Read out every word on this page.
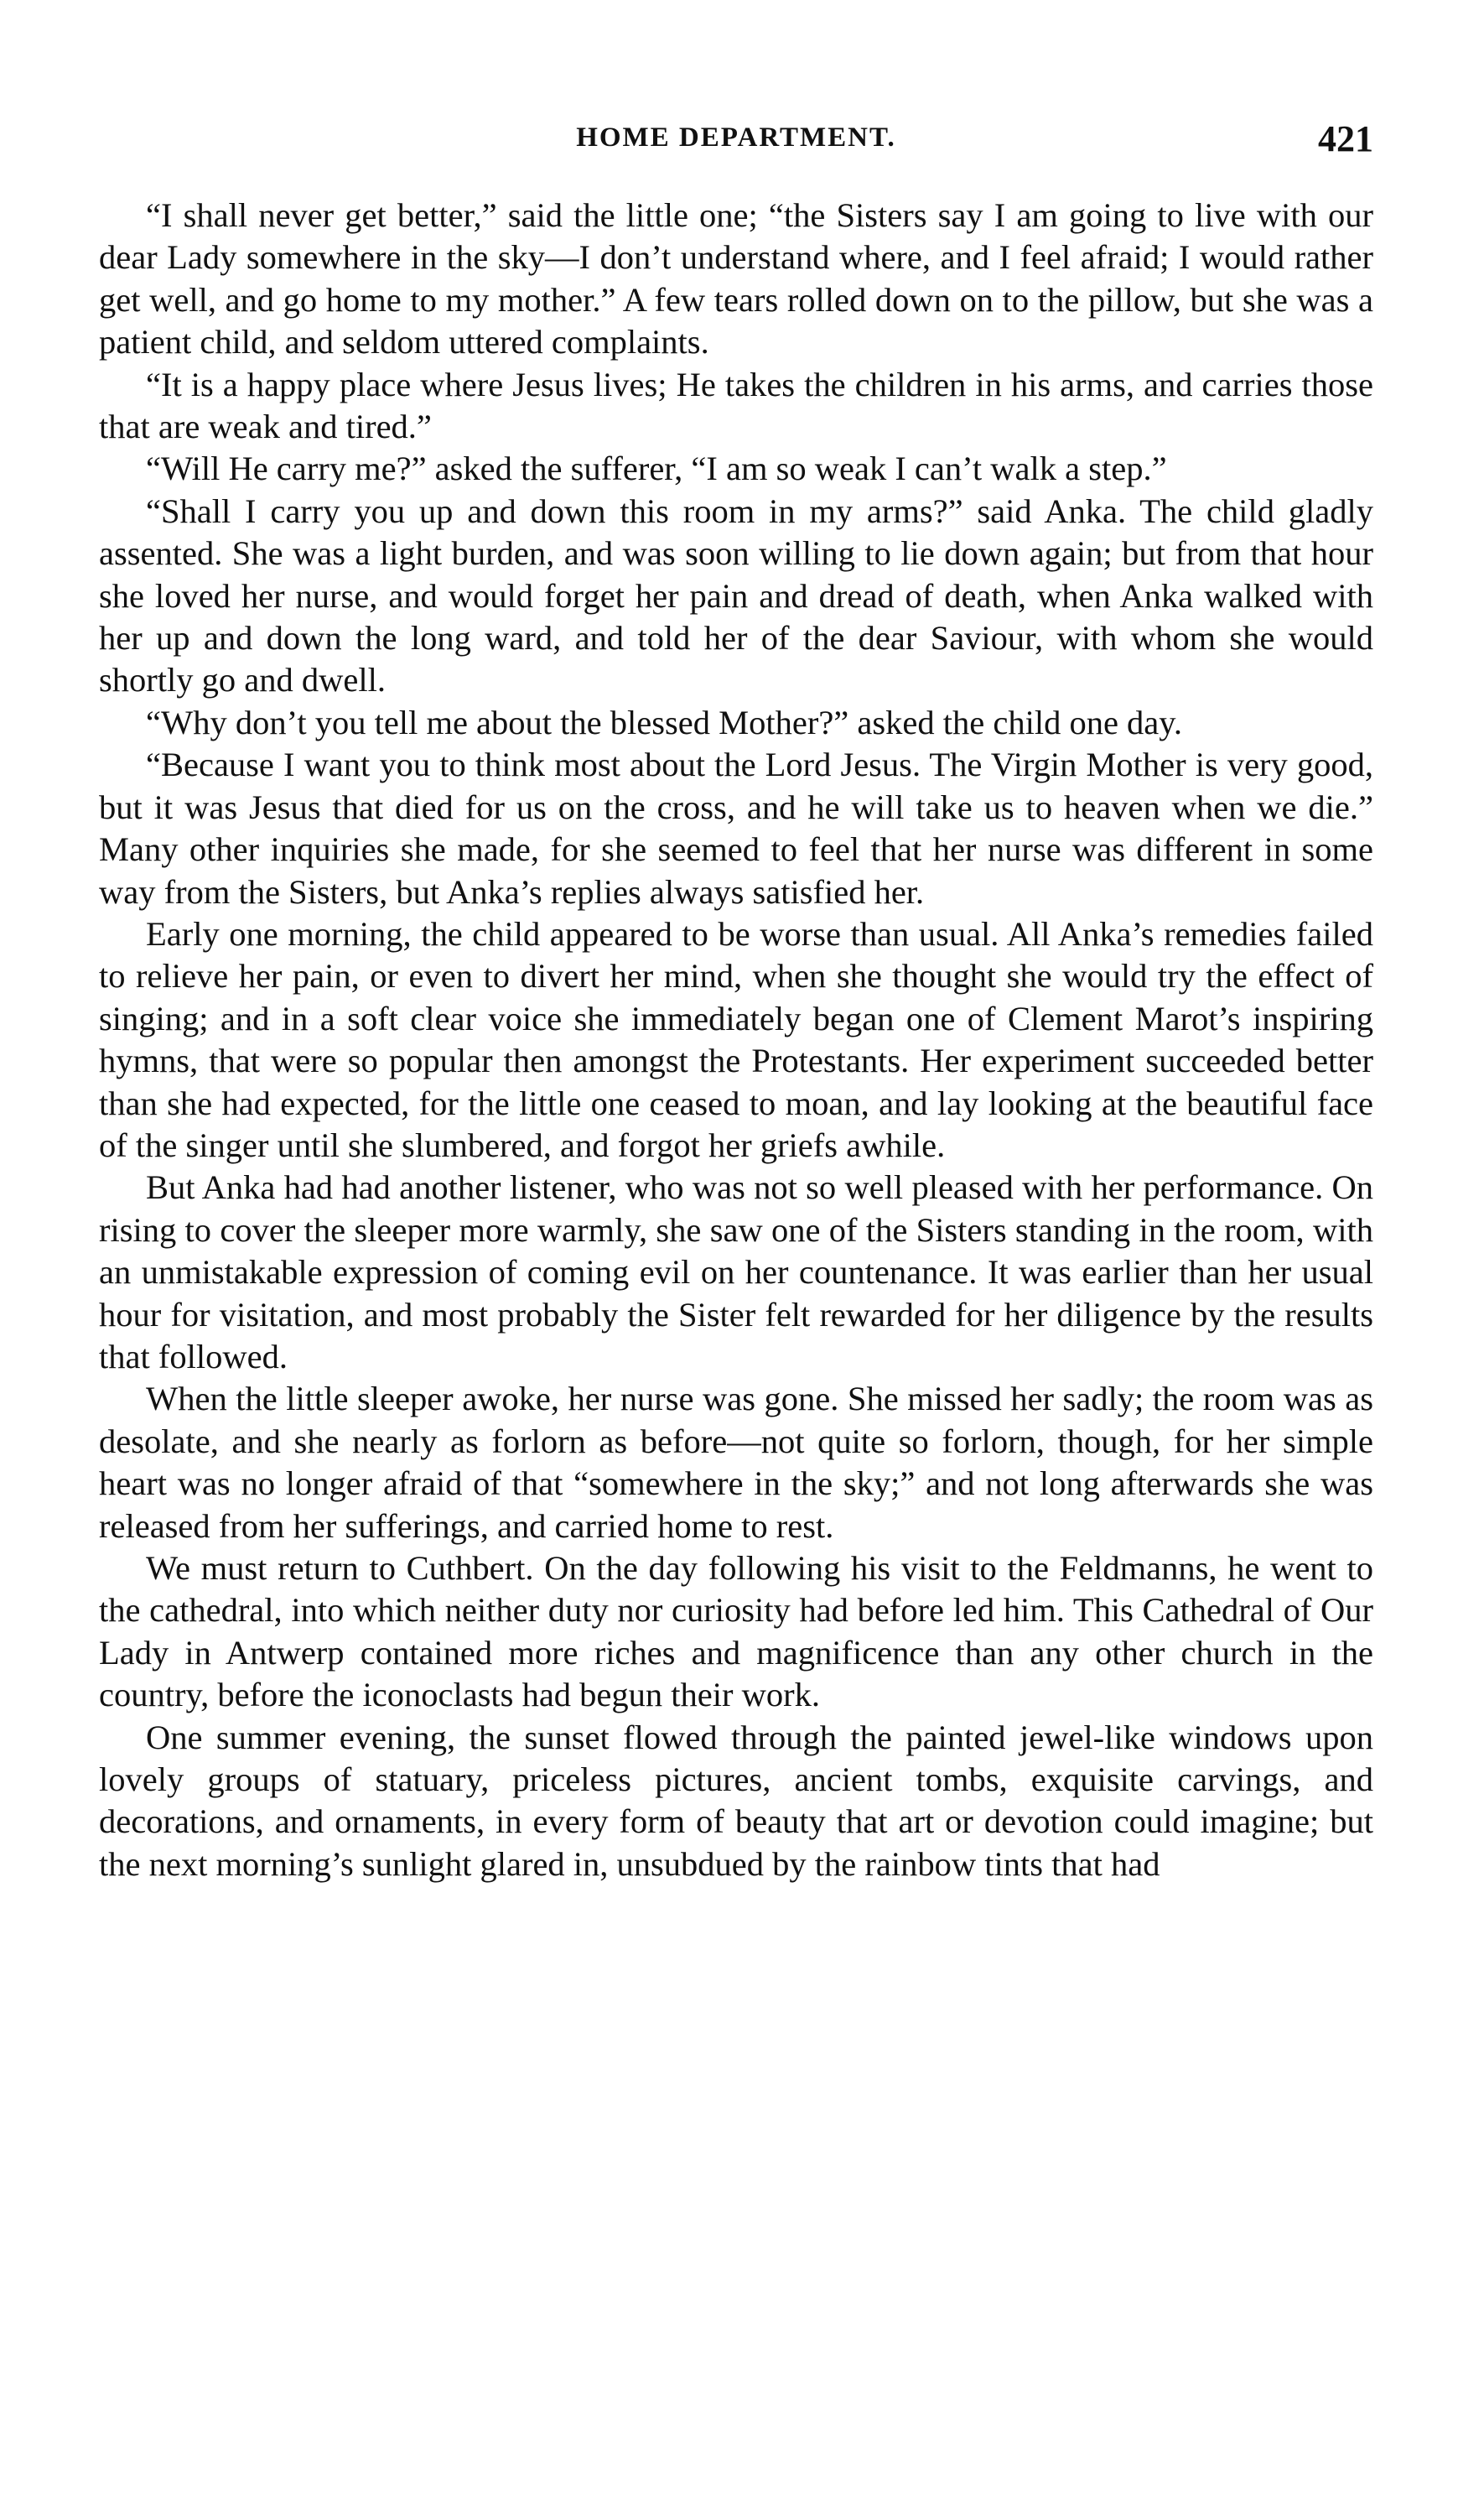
HOME DEPARTMENT.	421

“I shall never get better,” said the little one; “the Sisters say I am going to live with our dear Lady somewhere in the sky—I don’t understand where, and I feel afraid; I would rather get well, and go home to my mother.” A few tears rolled down on to the pillow, but she was a patient child, and seldom uttered complaints.

“It is a happy place where Jesus lives; He takes the children in his arms, and carries those that are weak and tired.”

“Will He carry me?” asked the sufferer, “I am so weak I can’t walk a step.”

“Shall I carry you up and down this room in my arms?” said Anka. The child gladly assented. She was a light burden, and was soon willing to lie down again; but from that hour she loved her nurse, and would forget her pain and dread of death, when Anka walked with her up and down the long ward, and told her of the dear Saviour, with whom she would shortly go and dwell.

“Why don’t you tell me about the blessed Mother?” asked the child one day.

“Because I want you to think most about the Lord Jesus. The Virgin Mother is very good, but it was Jesus that died for us on the cross, and he will take us to heaven when we die.” Many other inquiries she made, for she seemed to feel that her nurse was different in some way from the Sisters, but Anka’s replies always satisfied her.

Early one morning, the child appeared to be worse than usual. All Anka’s remedies failed to relieve her pain, or even to divert her mind, when she thought she would try the effect of singing; and in a soft clear voice she immediately began one of Clement Marot’s inspiring hymns, that were so popular then amongst the Protestants. Her experiment succeeded better than she had expected, for the little one ceased to moan, and lay looking at the beautiful face of the singer until she slumbered, and forgot her griefs awhile.

But Anka had had another listener, who was not so well pleased with her performance. On rising to cover the sleeper more warmly, she saw one of the Sisters standing in the room, with an unmistakable expression of coming evil on her countenance. It was earlier than her usual hour for visitation, and most probably the Sister felt rewarded for her diligence by the results that followed.

When the little sleeper awoke, her nurse was gone. She missed her sadly; the room was as desolate, and she nearly as forlorn as before—not quite so forlorn, though, for her simple heart was no longer afraid of that “somewhere in the sky;” and not long afterwards she was released from her sufferings, and carried home to rest.

We must return to Cuthbert. On the day following his visit to the Feldmanns, he went to the cathedral, into which neither duty nor curiosity had before led him. This Cathedral of Our Lady in Antwerp contained more riches and magnificence than any other church in the country, before the iconoclasts had begun their work.

One summer evening, the sunset flowed through the painted jewel-like windows upon lovely groups of statuary, priceless pictures, ancient tombs, exquisite carvings, and decorations, and ornaments, in every form of beauty that art or devotion could imagine; but the next morning’s sunlight glared in, unsubdued by the rainbow tints that had
